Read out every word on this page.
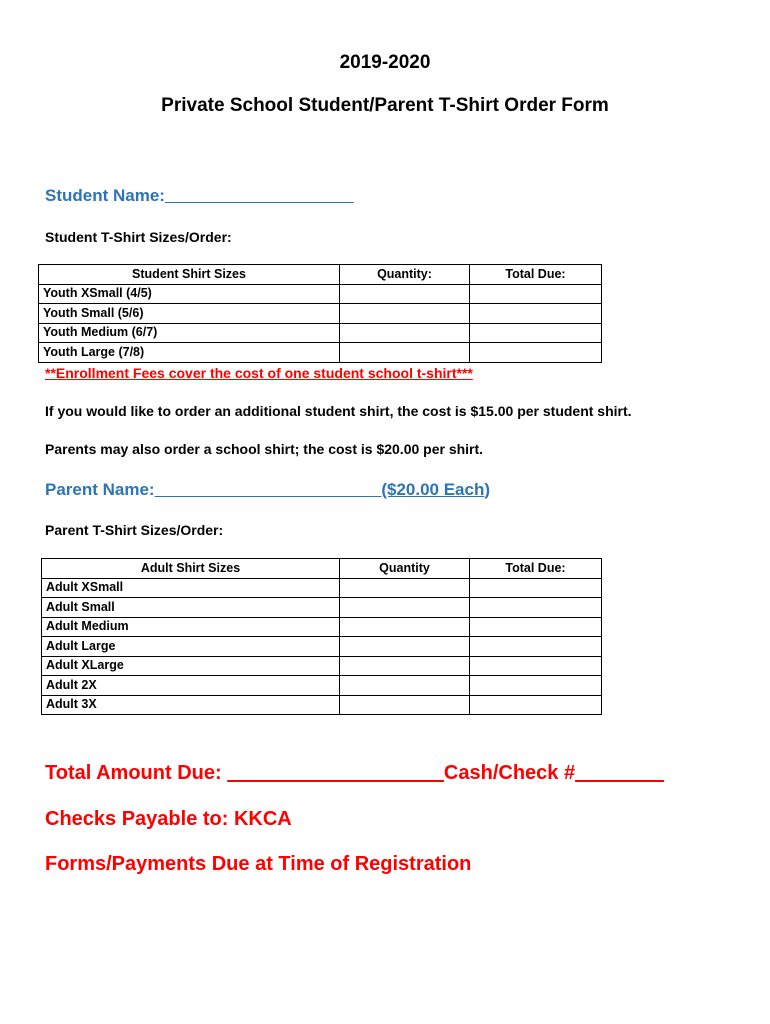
2019-2020
Private School Student/Parent T-Shirt Order Form
Student Name:
Student T-Shirt Sizes/Order:
Student Shirt Sizes	Quantity:	Total Due:
Youth XSmall (4/5)		
Youth Small (5/6)		
Youth Medium (6/7)		
Youth Large (7/8)		
**Enrollment Fees cover the cost of one student school t-shirt***
If you would like to order an additional student shirt, the cost is $15.00 per student shirt.
Parents may also order a school shirt; the cost is $20.00 per shirt.
Parent Name:	($20.00 Each)
Parent T-Shirt Sizes/Order:
Adult Shirt Sizes	Quantity	Total Due:
Adult XSmall		
Adult Small		
Adult Medium		
Adult Large		
Adult XLarge		
Adult 2X		
Adult 3X		
Total Amount Due:	Cash/Check #
Checks Payable to: KKCA
Forms/Payments Due at Time of Registration
